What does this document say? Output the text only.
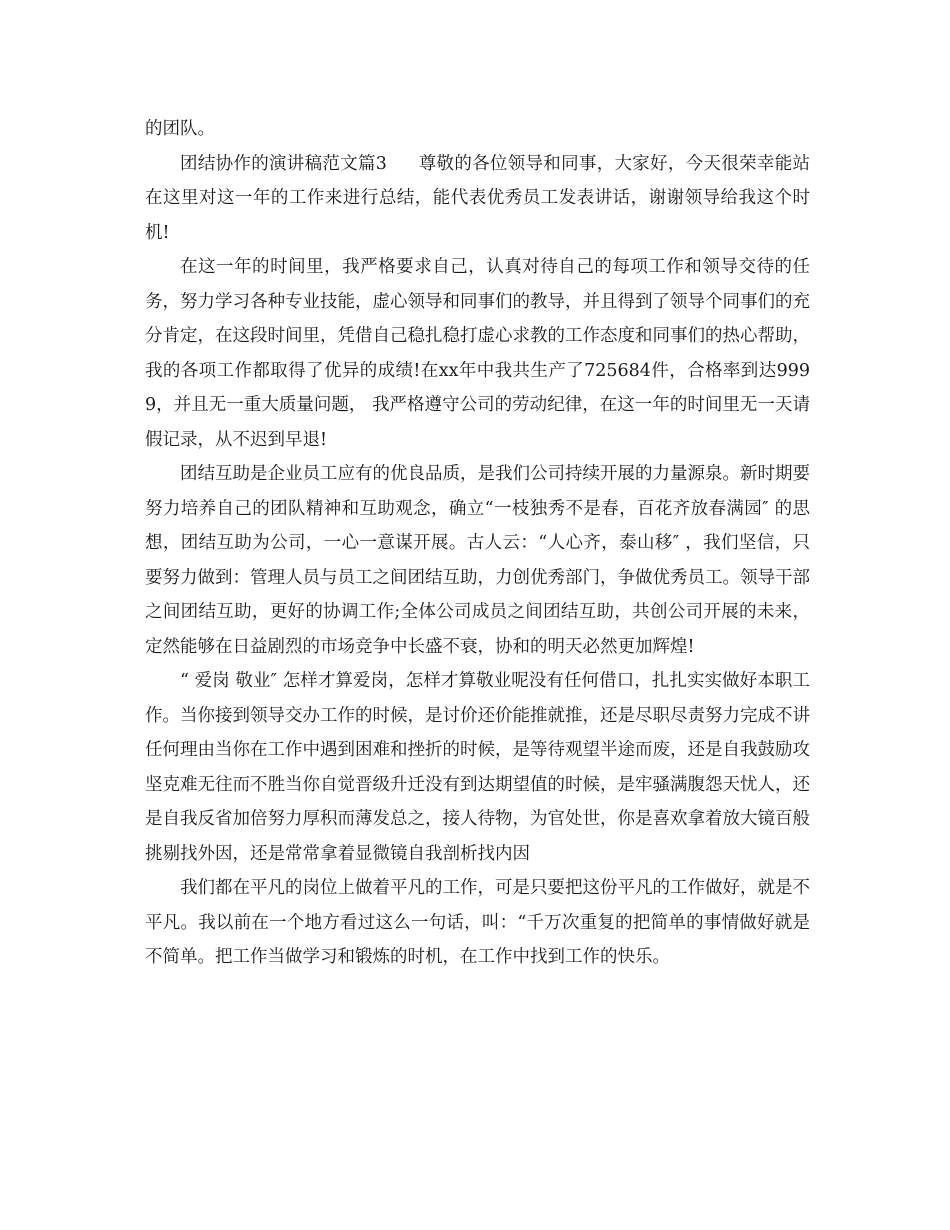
的团队。

团结协作的演讲稿范文篇3 尊敬的各位领导和同事，大家好，今天很荣幸能站在这里对这一年的工作来进行总结，能代表优秀员工发表讲话，谢谢领导给我这个时机!

在这一年的时间里，我严格要求自己，认真对待自己的每项工作和领导交待的任务，努力学习各种专业技能，虚心领导和同事们的教导，并且得到了领导个同事们的充分肯定，在这段时间里，凭借自己稳扎稳打虚心求教的工作态度和同事们的热心帮助，我的各项工作都取得了优异的成绩!在xx年中我共生产了725684件，合格率到达9999，并且无一重大质量问题， 我严格遵守公司的劳动纪律，在这一年的时间里无一天请假记录，从不迟到早退!

团结互助是企业员工应有的优良品质，是我们公司持续开展的力量源泉。新时期要努力培养自己的团队精神和互助观念，确立“一枝独秀不是春，百花齐放春满园″ 的思想，团结互助为公司，一心一意谋开展。古人云：“人心齐，泰山移″ ，我们坚信，只要努力做到：管理人员与员工之间团结互助，力创优秀部门，争做优秀员工。领导干部之间团结互助，更好的协调工作;全体公司成员之间团结互助，共创公司开展的未来，定然能够在日益剧烈的市场竞争中长盛不衰，协和的明天必然更加辉煌!

“ 爱岗 敬业″ 怎样才算爱岗，怎样才算敬业呢没有任何借口，扎扎实实做好本职工作。当你接到领导交办工作的时候，是讨价还价能推就推，还是尽职尽责努力完成不讲任何理由当你在工作中遇到困难和挫折的时候，是等待观望半途而废，还是自我鼓励攻坚克难无往而不胜当你自觉晋级升迁没有到达期望值的时候，是牢骚满腹怨天忧人，还是自我反省加倍努力厚积而薄发总之，接人待物，为官处世，你是喜欢拿着放大镜百般挑剔找外因，还是常常拿着显微镜自我剖析找内因

我们都在平凡的岗位上做着平凡的工作，可是只要把这份平凡的工作做好，就是不平凡。我以前在一个地方看过这么一句话，叫：“千万次重复的把简单的事情做好就是不简单。把工作当做学习和锻炼的时机，在工作中找到工作的快乐。
